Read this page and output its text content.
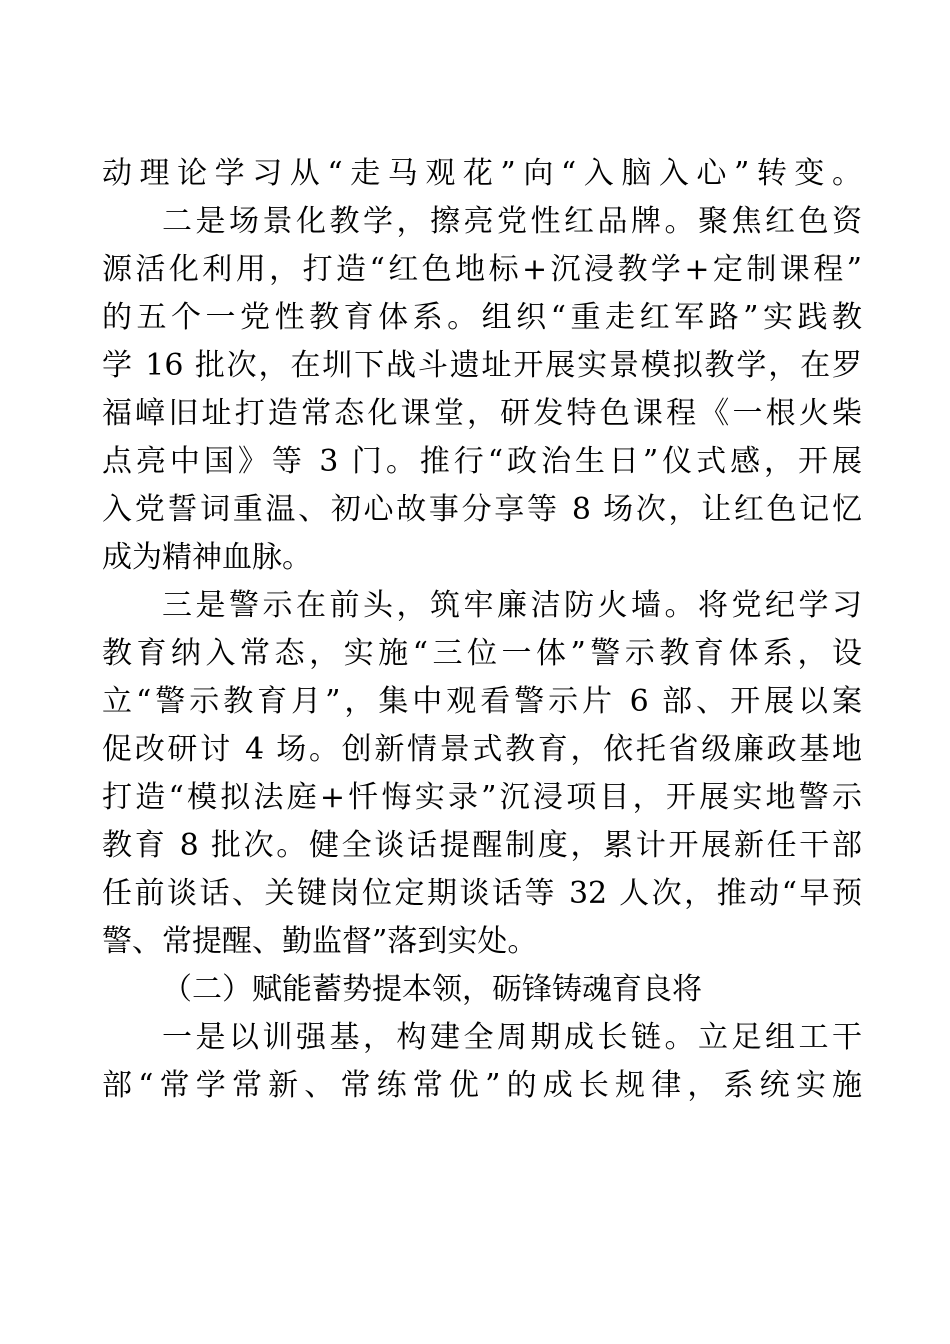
动理论学习从“走马观花”向“入脑入心”转变。
二是场景化教学，擦亮党性红品牌。聚焦红色资
源活化利用，打造“红色地标+沉浸教学+定制课程”
的五个一党性教育体系。组织“重走红军路”实践教
学 16 批次，在圳下战斗遗址开展实景模拟教学，在罗
福嶂旧址打造常态化课堂，研发特色课程《一根火柴
点亮中国》等 3 门。推行“政治生日”仪式感，开展
入党誓词重温、初心故事分享等 8 场次，让红色记忆
成为精神血脉。
三是警示在前头，筑牢廉洁防火墙。将党纪学习
教育纳入常态，实施“三位一体”警示教育体系，设
立“警示教育月”，集中观看警示片 6 部、开展以案
促改研讨 4 场。创新情景式教育，依托省级廉政基地
打造“模拟法庭+忏悔实录”沉浸项目，开展实地警示
教育 8 批次。健全谈话提醒制度，累计开展新任干部
任前谈话、关键岗位定期谈话等 32 人次，推动“早预
警、常提醒、勤监督”落到实处。
（二）赋能蓄势提本领，砺锋铸魂育良将
一是以训强基，构建全周期成长链。立足组工干
部“常学常新、常练常优”的成长规律，系统实施
